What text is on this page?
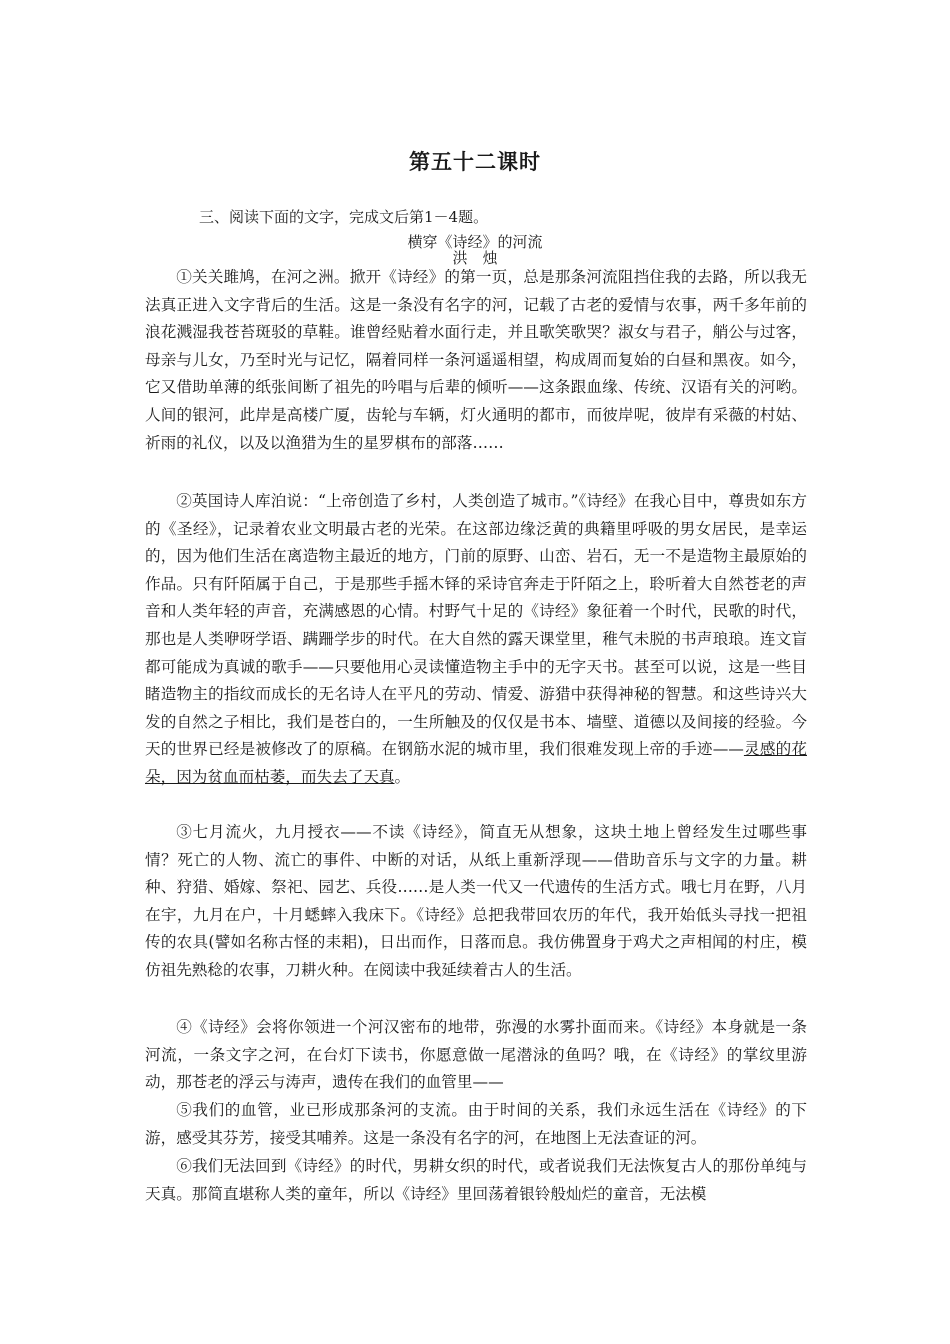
第五十二课时
三、阅读下面的文字，完成文后第1－4题。
横穿《诗经》的河流
洪　烛
①关关雎鸠，在河之洲。掀开《诗经》的第一页，总是那条河流阻挡住我的去路，所以我无法真正进入文字背后的生活。这是一条没有名字的河，记载了古老的爱情与农事，两千多年前的浪花溅湿我苍苔斑驳的草鞋。谁曾经贴着水面行走，并且歌笑歌哭？淑女与君子，艄公与过客，母亲与儿女，乃至时光与记忆，隔着同样一条河遥遥相望，构成周而复始的白昼和黑夜。如今，它又借助单薄的纸张间断了祖先的吟唱与后辈的倾听——这条跟血缘、传统、汉语有关的河哟。人间的银河，此岸是高楼广厦，齿轮与车辆，灯火通明的都市，而彼岸呢，彼岸有采薇的村姑、祈雨的礼仪，以及以渔猎为生的星罗棋布的部落……
②英国诗人库泊说：“上帝创造了乡村，人类创造了城市。”《诗经》在我心目中，尊贵如东方的《圣经》，记录着农业文明最古老的光荣。在这部边缘泛黄的典籍里呼吸的男女居民，是幸运的，因为他们生活在离造物主最近的地方，门前的原野、山峦、岩石，无一不是造物主最原始的作品。只有阡陌属于自己，于是那些手摇木铎的采诗官奔走于阡陌之上，聆听着大自然苍老的声音和人类年轻的声音，充满感恩的心情。村野气十足的《诗经》象征着一个时代，民歌的时代，那也是人类咿呀学语、蹒跚学步的时代。在大自然的露天课堂里，稚气未脱的书声琅琅。连文盲都可能成为真诚的歌手——只要他用心灵读懂造物主手中的无字天书。甚至可以说，这是一些目睹造物主的指纹而成长的无名诗人在平凡的劳动、情爱、游猎中获得神秘的智慧。和这些诗兴大发的自然之子相比，我们是苍白的，一生所触及的仅仅是书本、墙壁、道德以及间接的经验。今天的世界已经是被修改了的原稿。在钢筋水泥的城市里，我们很难发现上帝的手迹——灵感的花朵，因为贫血而枯萎，而失去了天真。
③七月流火，九月授衣——不读《诗经》，简直无从想象，这块土地上曾经发生过哪些事情？死亡的人物、流亡的事件、中断的对话，从纸上重新浮现——借助音乐与文字的力量。耕种、狩猎、婚嫁、祭祀、园艺、兵役……是人类一代又一代遗传的生活方式。哦七月在野，八月在宇，九月在户，十月蟋蟀入我床下。《诗经》总把我带回农历的年代，我开始低头寻找一把祖传的农具(譬如名称古怪的耒耜)，日出而作，日落而息。我仿佛置身于鸡犬之声相闻的村庄，模仿祖先熟稔的农事，刀耕火种。在阅读中我延续着古人的生活。
④《诗经》会将你领进一个河汉密布的地带，弥漫的水雾扑面而来。《诗经》本身就是一条河流，一条文字之河，在台灯下读书，你愿意做一尾潜泳的鱼吗？哦，在《诗经》的掌纹里游动，那苍老的浮云与涛声，遗传在我们的血管里——
⑤我们的血管，业已形成那条河的支流。由于时间的关系，我们永远生活在《诗经》的下游，感受其芬芳，接受其哺养。这是一条没有名字的河，在地图上无法查证的河。
⑥我们无法回到《诗经》的时代，男耕女织的时代，或者说我们无法恢复古人的那份单纯与天真。那简直堪称人类的童年，所以《诗经》里回荡着银铃般灿烂的童音，无法模
